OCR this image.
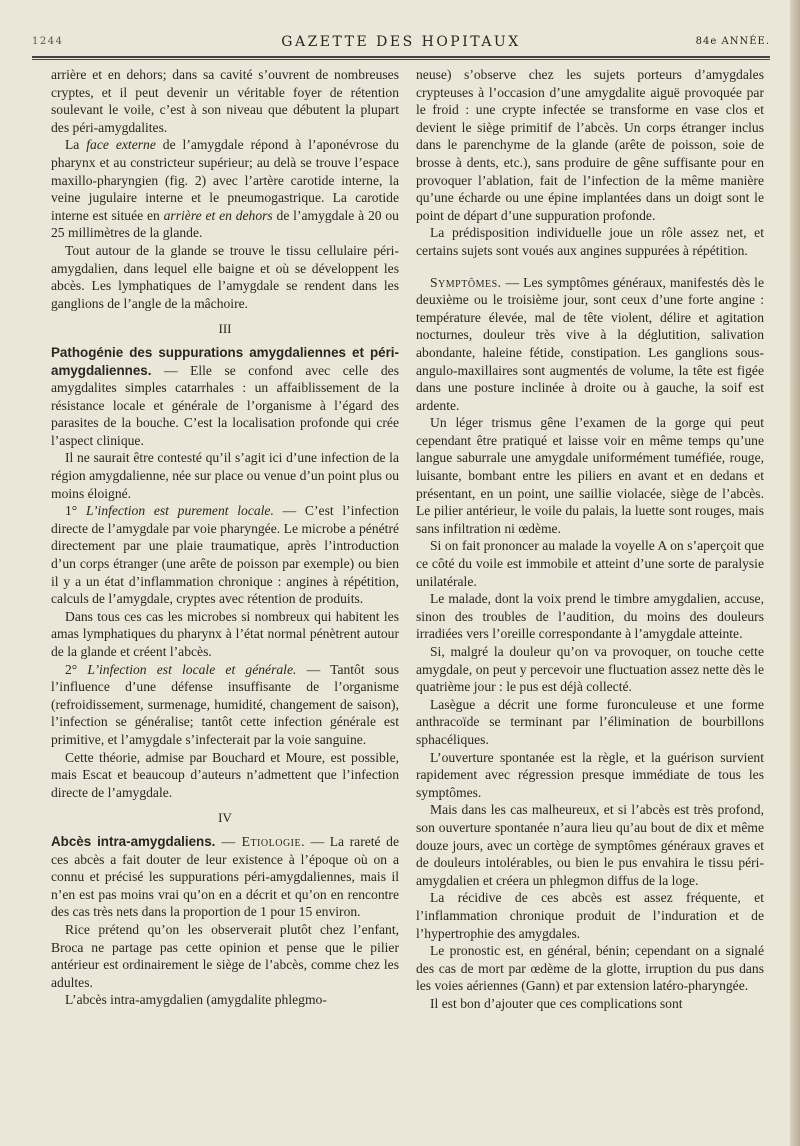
1244	GAZETTE DES HOPITAUX	84e ANNÉE.

arrière et en dehors; dans sa cavité s’ouvrent de nombreuses cryptes, et il peut devenir un véritable foyer de rétention soulevant le voile, c’est à son niveau que débutent la plupart des péri-amygdalites.

La face externe de l’amygdale répond à l’aponévrose du pharynx et au constricteur supérieur; au delà se trouve l’espace maxillo-pharyngien (fig. 2) avec l’artère carotide interne, la veine jugulaire interne et le pneumogastrique. La carotide interne est située en arrière et en dehors de l’amygdale à 20 ou 25 millimètres de la glande.

Tout autour de la glande se trouve le tissu cellulaire péri-amygdalien, dans lequel elle baigne et où se développent les abcès. Les lymphatiques de l’amygdale se rendent dans les ganglions de l’angle de la mâchoire.

III

Pathogénie des suppurations amygdaliennes et péri-amygdaliennes. — Elle se confond avec celle des amygdalites simples catarrhales : un affaiblissement de la résistance locale et générale de l’organisme à l’égard des parasites de la bouche. C’est la localisation profonde qui crée l’aspect clinique.

Il ne saurait être contesté qu’il s’agit ici d’une infection de la région amygdalienne, née sur place ou venue d’un point plus ou moins éloigné.

1° L’infection est purement locale. — C’est l’infection directe de l’amygdale par voie pharyngée. Le microbe a pénétré directement par une plaie traumatique, après l’introduction d’un corps étranger (une arête de poisson par exemple) ou bien il y a un état d’inflammation chronique : angines à répétition, calculs de l’amygdale, cryptes avec rétention de produits.

Dans tous ces cas les microbes si nombreux qui habitent les amas lymphatiques du pharynx à l’état normal pénètrent autour de la glande et créent l’abcès.

2° L’infection est locale et générale. — Tantôt sous l’influence d’une défense insuffisante de l’organisme (refroidissement, surmenage, humidité, changement de saison), l’infection se généralise; tantôt cette infection générale est primitive, et l’amygdale s’infecterait par la voie sanguine.

Cette théorie, admise par Bouchard et Moure, est possible, mais Escat et beaucoup d’auteurs n’admettent que l’infection directe de l’amygdale.

IV

Abcès intra-amygdaliens. — Etiologie. — La rareté de ces abcès a fait douter de leur existence à l’époque où on a connu et précisé les suppurations péri-amygdaliennes, mais il n’en est pas moins vrai qu’on en a décrit et qu’on en rencontre des cas très nets dans la proportion de 1 pour 15 environ.

Rice prétend qu’on les observerait plutôt chez l’enfant, Broca ne partage pas cette opinion et pense que le pilier antérieur est ordinairement le siège de l’abcès, comme chez les adultes.

L’abcès intra-amygdalien (amygdalite phlegmo-

neuse) s’observe chez les sujets porteurs d’amygdales crypteuses à l’occasion d’une amygdalite aiguë provoquée par le froid : une crypte infectée se transforme en vase clos et devient le siège primitif de l’abcès. Un corps étranger inclus dans le parenchyme de la glande (arête de poisson, soie de brosse à dents, etc.), sans produire de gêne suffisante pour en provoquer l’ablation, fait de l’infection de la même manière qu’une écharde ou une épine implantées dans un doigt sont le point de départ d’une suppuration profonde.

La prédisposition individuelle joue un rôle assez net, et certains sujets sont voués aux angines suppurées à répétition.

Symptômes. — Les symptômes généraux, manifestés dès le deuxième ou le troisième jour, sont ceux d’une forte angine : température élevée, mal de tête violent, délire et agitation nocturnes, douleur très vive à la déglutition, salivation abondante, haleine fétide, constipation. Les ganglions sous-angulo-maxillaires sont augmentés de volume, la tête est figée dans une posture inclinée à droite ou à gauche, la soif est ardente.

Un léger trismus gêne l’examen de la gorge qui peut cependant être pratiqué et laisse voir en même temps qu’une langue saburrale une amygdale uniformément tuméfiée, rouge, luisante, bombant entre les piliers en avant et en dedans et présentant, en un point, une saillie violacée, siège de l’abcès. Le pilier antérieur, le voile du palais, la luette sont rouges, mais sans infiltration ni œdème.

Si on fait prononcer au malade la voyelle A on s’aperçoit que ce côté du voile est immobile et atteint d’une sorte de paralysie unilatérale.

Le malade, dont la voix prend le timbre amygdalien, accuse, sinon des troubles de l’audition, du moins des douleurs irradiées vers l’oreille correspondante à l’amygdale atteinte.

Si, malgré la douleur qu’on va provoquer, on touche cette amygdale, on peut y percevoir une fluctuation assez nette dès le quatrième jour : le pus est déjà collecté.

Lasègue a décrit une forme furonculeuse et une forme anthracoïde se terminant par l’élimination de bourbillons sphacéliques.

L’ouverture spontanée est la règle, et la guérison survient rapidement avec régression presque immédiate de tous les symptômes.

Mais dans les cas malheureux, et si l’abcès est très profond, son ouverture spontanée n’aura lieu qu’au bout de dix et même douze jours, avec un cortège de symptômes généraux graves et de douleurs intolérables, ou bien le pus envahira le tissu péri-amygdalien et créera un phlegmon diffus de la loge.

La récidive de ces abcès est assez fréquente, et l’inflammation chronique produit de l’induration et de l’hypertrophie des amygdales.

Le pronostic est, en général, bénin; cependant on a signalé des cas de mort par œdème de la glotte, irruption du pus dans les voies aériennes (Gann) et par extension latéro-pharyngée.

Il est bon d’ajouter que ces complications sont
